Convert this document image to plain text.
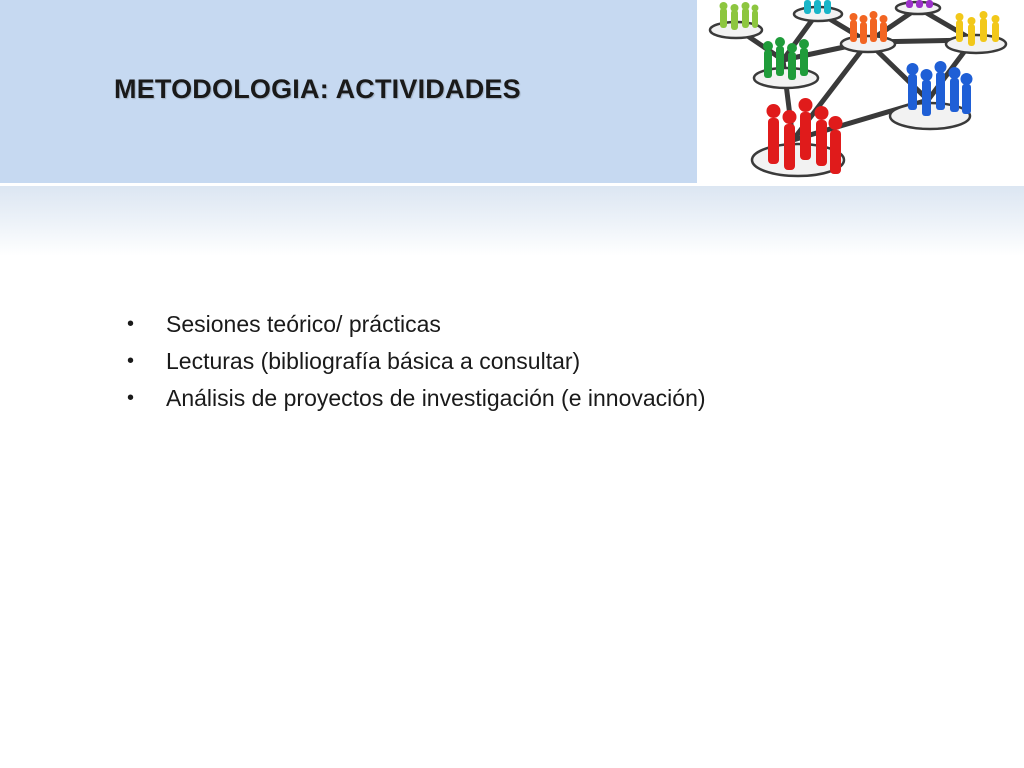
METODOLOGIA: ACTIVIDADES
• Sesiones teórico/ prácticas
• Lecturas (bibliografía básica a consultar)
• Análisis de proyectos de investigación (e innovación)
